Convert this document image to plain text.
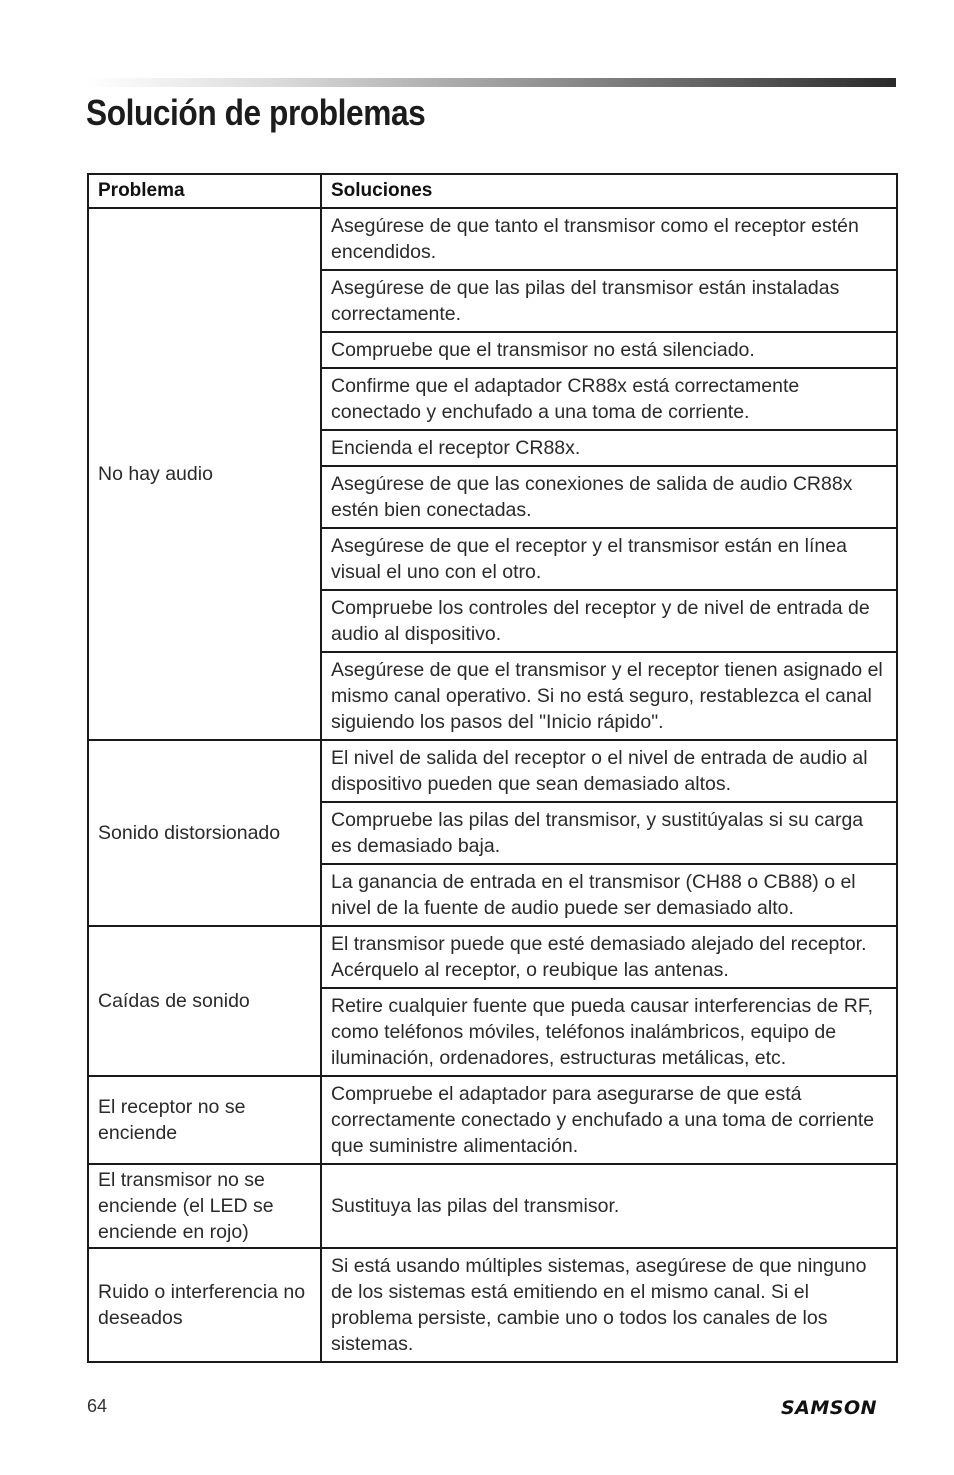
Solución de problemas
Problema	Soluciones
No hay audio	Asegúrese de que tanto el transmisor como el receptor estén encendidos.
	Asegúrese de que las pilas del transmisor están instaladas correctamente.
	Compruebe que el transmisor no está silenciado.
	Confirme que el adaptador CR88x está correctamente conectado y enchufado a una toma de corriente.
	Encienda el receptor CR88x.
	Asegúrese de que las conexiones de salida de audio CR88x estén bien conectadas.
	Asegúrese de que el receptor y el transmisor están en línea visual el uno con el otro.
	Compruebe los controles del receptor y de nivel de entrada de audio al dispositivo.
	Asegúrese de que el transmisor y el receptor tienen asignado el mismo canal operativo. Si no está seguro, restablezca el canal siguiendo los pasos del "Inicio rápido".
Sonido distorsionado	El nivel de salida del receptor o el nivel de entrada de audio al dispositivo pueden que sean demasiado altos.
	Compruebe las pilas del transmisor, y sustitúyalas si su carga es demasiado baja.
	La ganancia de entrada en el transmisor (CH88 o CB88) o el nivel de la fuente de audio puede ser demasiado alto.
Caídas de sonido	El transmisor puede que esté demasiado alejado del receptor. Acérquelo al receptor, o reubique las antenas.
	Retire cualquier fuente que pueda causar interferencias de RF, como teléfonos móviles, teléfonos inalámbricos, equipo de iluminación, ordenadores, estructuras metálicas, etc.
El receptor no se enciende	Compruebe el adaptador para asegurarse de que está correctamente conectado y enchufado a una toma de corriente que suministre alimentación.
El transmisor no se enciende (el LED se enciende en rojo)	Sustituya las pilas del transmisor.
Ruido o interferencia no deseados	Si está usando múltiples sistemas, asegúrese de que ninguno de los sistemas está emitiendo en el mismo canal. Si el problema persiste, cambie uno o todos los canales de los sistemas.
64	SAMSON
